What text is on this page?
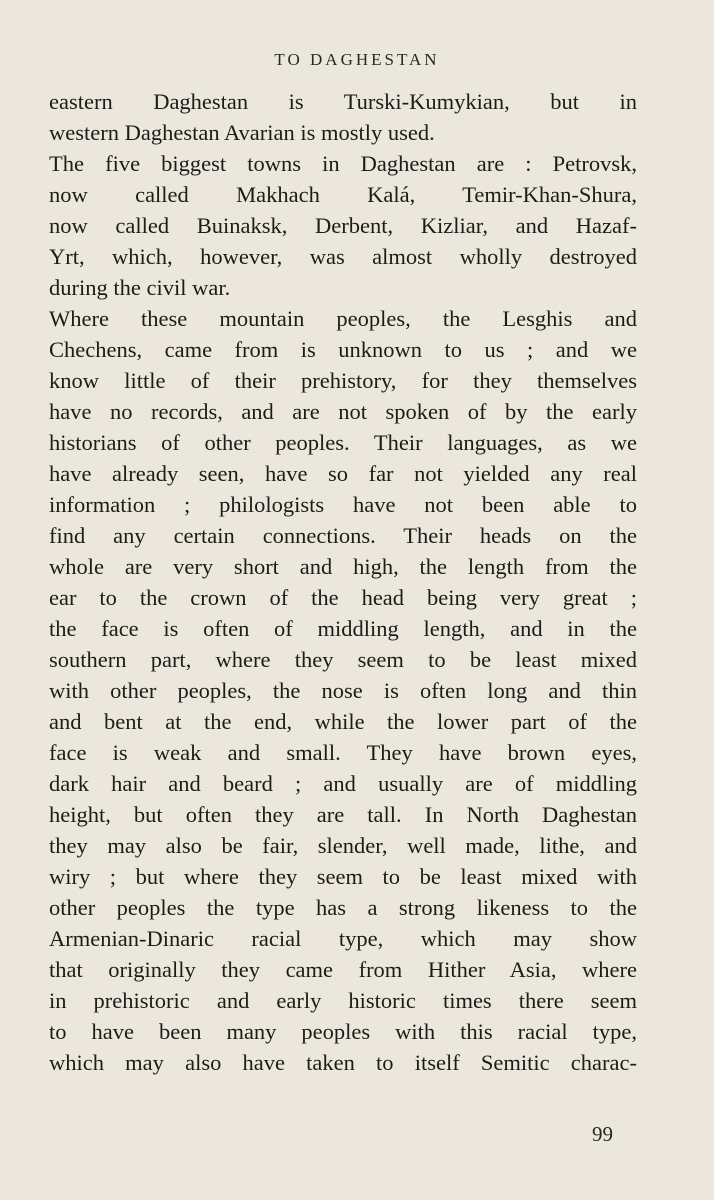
TO DAGHESTAN
eastern Daghestan is Turski-Kumykian, but in
western Daghestan Avarian is mostly used.
The five biggest towns in Daghestan are : Petrovsk,
now called Makhach Kalá, Temir-Khan-Shura,
now called Buinaksk, Derbent, Kizliar, and Hazaf-
Yrt, which, however, was almost wholly destroyed
during the civil war.
Where these mountain peoples, the Lesghis and
Chechens, came from is unknown to us ; and we
know little of their prehistory, for they themselves
have no records, and are not spoken of by the early
historians of other peoples. Their languages, as we
have already seen, have so far not yielded any real
information ; philologists have not been able to
find any certain connections. Their heads on the
whole are very short and high, the length from the
ear to the crown of the head being very great ;
the face is often of middling length, and in the
southern part, where they seem to be least mixed
with other peoples, the nose is often long and thin
and bent at the end, while the lower part of the
face is weak and small. They have brown eyes,
dark hair and beard ; and usually are of middling
height, but often they are tall. In North Daghestan
they may also be fair, slender, well made, lithe, and
wiry ; but where they seem to be least mixed with
other peoples the type has a strong likeness to the
Armenian-Dinaric racial type, which may show
that originally they came from Hither Asia, where
in prehistoric and early historic times there seem
to have been many peoples with this racial type,
which may also have taken to itself Semitic charac-
99
